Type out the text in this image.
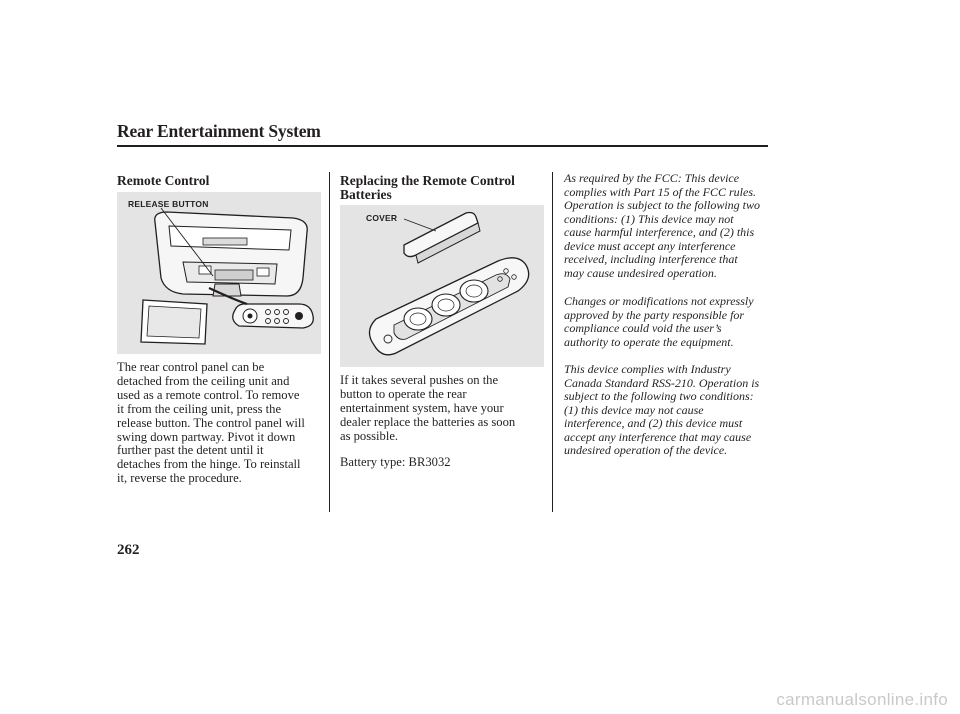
Rear Entertainment System
Remote Control
RELEASE BUTTON
The rear control panel can be
detached from the ceiling unit and
used as a remote control. To remove
it from the ceiling unit, press the
release button. The control panel will
swing down partway. Pivot it down
further past the detent until it
detaches from the hinge. To reinstall
it, reverse the procedure.
Replacing the Remote Control
Batteries
COVER
If it takes several pushes on the
button to operate the rear
entertainment system, have your
dealer replace the batteries as soon
as possible.
Battery type: BR3032
As required by the FCC: This device
complies with Part 15 of the FCC rules.
Operation is subject to the following two
conditions: (1) This device may not
cause harmful interference, and (2) this
device must accept any interference
received, including interference that
may cause undesired operation.
Changes or modifications not expressly
approved by the party responsible for
compliance could void the user’s
authority to operate the equipment.
This device complies with Industry
Canada Standard RSS-210. Operation is
subject to the following two conditions:
(1) this device may not cause
interference, and (2) this device must
accept any interference that may cause
undesired operation of the device.
262
carmanualsonline.info
